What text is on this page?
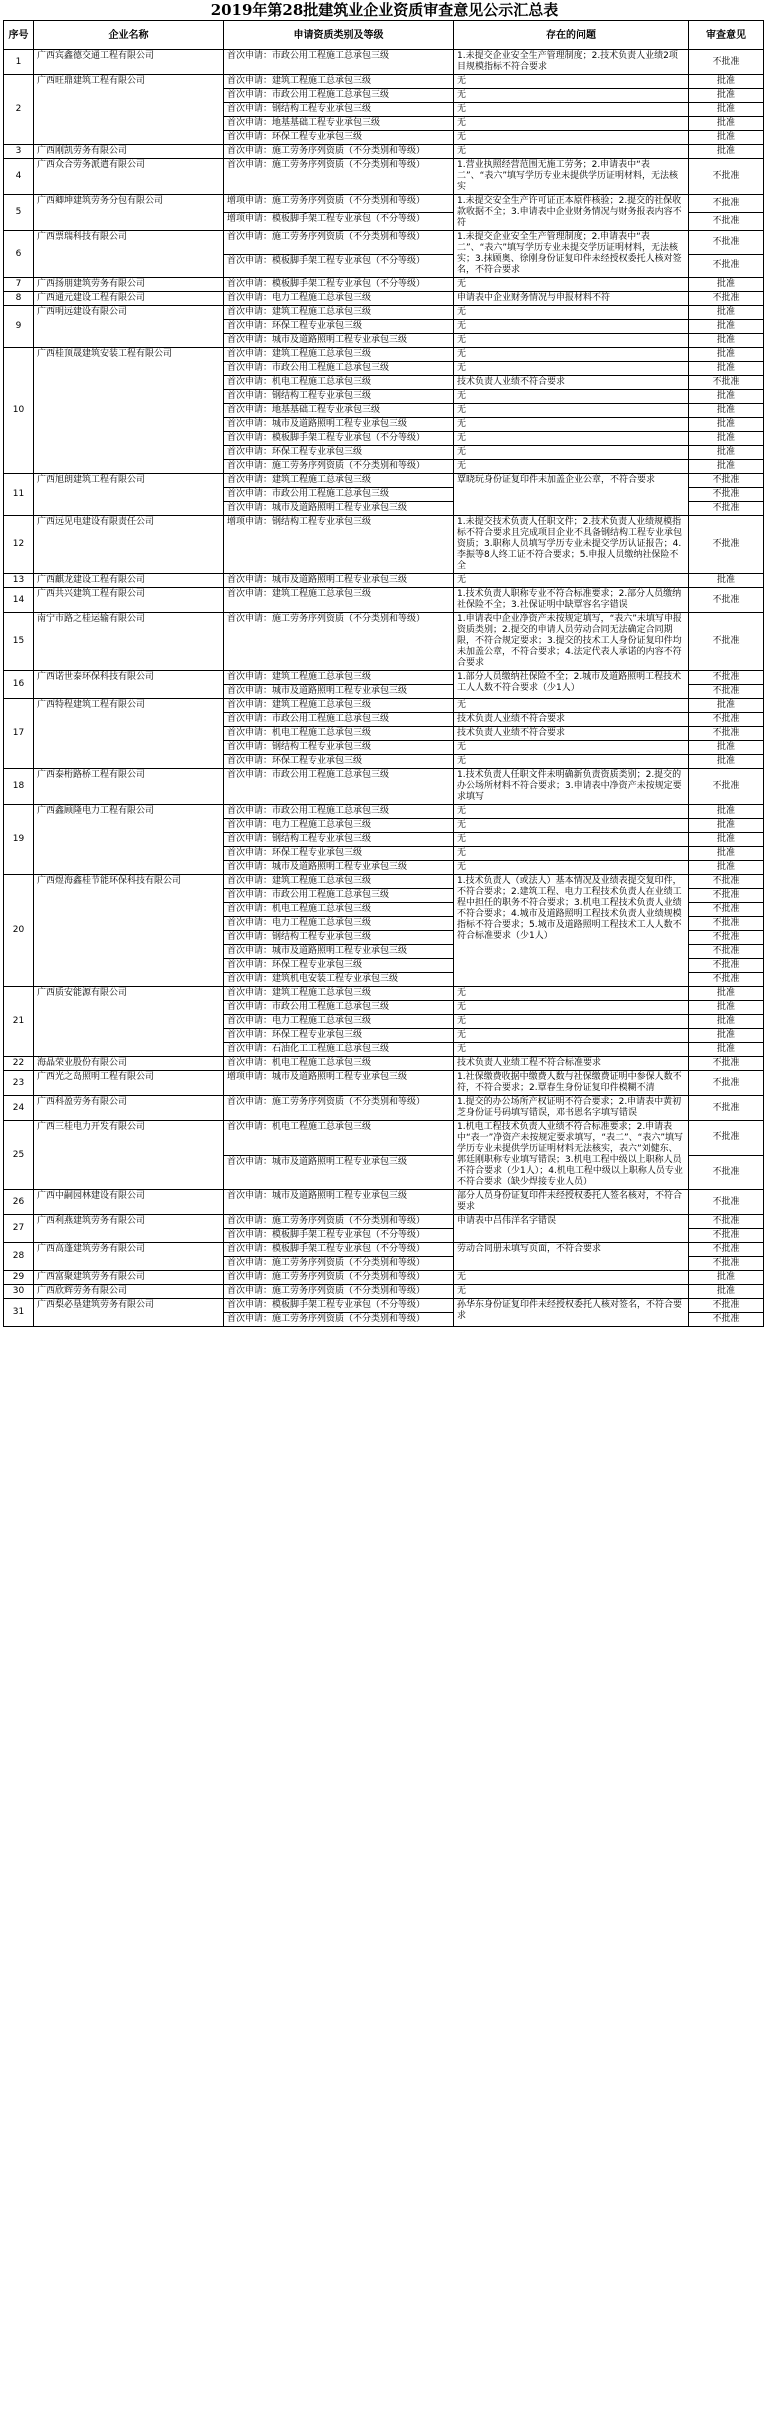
2019年第28批建筑业企业资质审查意见公示汇总表
序号	企业名称	申请资质类别及等级	存在的问题	审查意见
1	广西宾鑫德交通工程有限公司	首次申请：市政公用工程施工总承包三级	1.未提交企业安全生产管理制度；2.技术负责人业绩2项目规模指标不符合要求	不批准
2	广西旺鼎建筑工程有限公司	首次申请：建筑工程施工总承包三级	无	批准
		首次申请：市政公用工程施工总承包三级	无	批准
		首次申请：钢结构工程专业承包三级	无	批准
		首次申请：地基基础工程专业承包三级	无	批准
		首次申请：环保工程专业承包三级	无	批准
3	广西刚凯劳务有限公司	首次申请：施工劳务序列资质（不分类别和等级）	无	批准
4	广西众合劳务派遣有限公司	首次申请：施工劳务序列资质（不分类别和等级）	1.营业执照经营范围无施工劳务；2.申请表中“表二”、“表六”填写学历专业未提供学历证明材料，无法核实	不批准
5	广西卿坤建筑劳务分包有限公司	增项申请：施工劳务序列资质（不分类别和等级）	1.未提交安全生产许可证正本原件核验；2.提交的社保收款收据不全；3.申请表中企业财务情况与财务报表内容不符	不批准
		增项申请：模板脚手架工程专业承包（不分等级）		不批准
6	广西票瑞科技有限公司	首次申请：施工劳务序列资质（不分类别和等级）	1.未提交企业安全生产管理制度；2.申请表中“表二”、“表六”填写学历专业未提交学历证明材料，无法核实；3.抹顾奥、徐刚身份证复印件未经授权委托人核对签名，不符合要求	不批准
		首次申请：模板脚手架工程专业承包（不分等级）		不批准
7	广西扬朋建筑劳务有限公司	首次申请：模板脚手架工程专业承包（不分等级）	无	批准
8	广西通元建设工程有限公司	首次申请：电力工程施工总承包三级	申请表中企业财务情况与申报材料不符	不批准
9	广西明远建设有限公司	首次申请：建筑工程施工总承包三级	无	批准
		首次申请：环保工程专业承包三级	无	批准
		首次申请：城市及道路照明工程专业承包三级	无	批准
10	广西桂顶晟建筑安装工程有限公司	首次申请：建筑工程施工总承包三级	无	批准
		首次申请：市政公用工程施工总承包三级	无	批准
		首次申请：机电工程施工总承包三级	技术负责人业绩不符合要求	不批准
		首次申请：钢结构工程专业承包三级	无	批准
		首次申请：地基基础工程专业承包三级	无	批准
		首次申请：城市及道路照明工程专业承包三级	无	批准
		首次申请：模板脚手架工程专业承包（不分等级）	无	批准
		首次申请：环保工程专业承包三级	无	批准
		首次申请：施工劳务序列资质（不分类别和等级）	无	批准
11	广西旭朗建筑工程有限公司	首次申请：建筑工程施工总承包三级	覃晓玩身份证复印件未加盖企业公章，不符合要求	不批准
		首次申请：市政公用工程施工总承包三级		不批准
		首次申请：城市及道路照明工程专业承包三级		不批准
12	广西远见电建设有限责任公司	增项申请：钢结构工程专业承包三级	1.未提交技术负责人任职文件；2.技术负责人业绩规模指标不符合要求且完成项目企业不具备钢结构工程专业承包资质；3.职称人员填写学历专业未提交学历认证报告；4.李振等8人终工证不符合要求；5.申报人员缴纳社保险不全	不批准
13	广西麒龙建设工程有限公司	首次申请：城市及道路照明工程专业承包三级	无	批准
14	广西共兴建筑工程有限公司	首次申请：建筑工程施工总承包三级	1.技术负责人职称专业不符合标准要求；2.部分人员缴纳社保险不全；3.社保证明中缺覃容名字错误	不批准
15	南宁市路之桂运输有限公司	首次申请：施工劳务序列资质（不分类别和等级）	1.申请表中企业净资产未按规定填写，“表六”未填写申报资质类别；2.提交的申请人员劳动合同无法确定合同期限，不符合规定要求；3.提交的技术工人身份证复印件均未加盖公章，不符合要求；4.法定代表人承诺的内容不符合要求	不批准
16	广西诺世泰环保科技有限公司	首次申请：建筑工程施工总承包三级	1.部分人员缴纳社保险不全；2.城市及道路照明工程技术工人人数不符合要求（少1人）	不批准
		首次申请：城市及道路照明工程专业承包三级		不批准
17	广西特程建筑工程有限公司	首次申请：建筑工程施工总承包三级	无	批准
		首次申请：市政公用工程施工总承包三级	技术负责人业绩不符合要求	不批准
		首次申请：机电工程施工总承包三级	技术负责人业绩不符合要求	不批准
		首次申请：钢结构工程专业承包三级	无	批准
		首次申请：环保工程专业承包三级	无	批准
18	广西泰桁路桥工程有限公司	首次申请：市政公用工程施工总承包三级	1.技术负责人任职文件未明确新负责资质类别；2.提交的办公场所材料不符合要求；3.申请表中净资产未按规定要求填写	不批准
19	广西鑫顾隆电力工程有限公司	首次申请：市政公用工程施工总承包三级	无	批准
		首次申请：电力工程施工总承包三级	无	批准
		首次申请：钢结构工程专业承包三级	无	批准
		首次申请：环保工程专业承包三级	无	批准
		首次申请：城市及道路照明工程专业承包三级	无	批准
20	广西煜海鑫桂节能环保科技有限公司	首次申请：建筑工程施工总承包三级	1.技术负责人（或法人）基本情况及业绩表提交复印件，不符合要求；2.建筑工程、电力工程技术负责人在业绩工程中担任的职务不符合要求；3.机电工程技术负责人业绩不符合要求；4.城市及道路照明工程技术负责人业绩规模指标不符合要求；5.城市及道路照明工程技术工人人数不符合标准要求（少1人）	不批准
		首次申请：市政公用工程施工总承包三级		不批准
		首次申请：机电工程施工总承包三级		不批准
		首次申请：电力工程施工总承包三级		不批准
		首次申请：钢结构工程专业承包三级		不批准
		首次申请：城市及道路照明工程专业承包三级		不批准
		首次申请：环保工程专业承包三级		不批准
		首次申请：建筑机电安装工程专业承包三级		不批准
21	广西质安能源有限公司	首次申请：建筑工程施工总承包三级	无	批准
		首次申请：市政公用工程施工总承包三级	无	批准
		首次申请：电力工程施工总承包三级	无	批准
		首次申请：环保工程专业承包三级	无	批准
		首次申请：石油化工工程施工总承包三级	无	批准
22	海晶荣业股份有限公司	首次申请：机电工程施工总承包三级	技术负责人业绩工程不符合标准要求	不批准
23	广西光之岛照明工程有限公司	增项申请：城市及道路照明工程专业承包三级	1.社保缴费收据中缴费人数与社保缴费证明中参保人数不符，不符合要求；2.覃春生身份证复印件模糊不清	不批准
24	广西科盈劳务有限公司	首次申请：施工劳务序列资质（不分类别和等级）	1.提交的办公场所产权证明不符合要求；2.申请表中黄初芝身份证号码填写错误，邓书恩名字填写错误	不批准
25	广西三桂电力开发有限公司	首次申请：机电工程施工总承包三级	1.机电工程技术负责人业绩不符合标准要求；2.申请表中“表一”净资产未按规定要求填写，“表二”、“表六”填写学历专业未提供学历证明材料无法核实，表六”刘健东、郭廷刚职称专业填写错误；3.机电工程中级以上职称人员不符合要求（少1人）；4.机电工程中级以上职称人员专业不符合要求（缺少焊接专业人员）	不批准
		首次申请：城市及道路照明工程专业承包三级		不批准
26	广西中嗣园林建设有限公司	首次申请：城市及道路照明工程专业承包三级	部分人员身份证复印件未经授权委托人签名核对，不符合要求	不批准
27	广西利燕建筑劳务有限公司	首次申请：施工劳务序列资质（不分类别和等级）	申请表中吕伟洋名字错误	不批准
		首次申请：模板脚手架工程专业承包（不分等级）		不批准
28	广西高蓬建筑劳务有限公司	首次申请：模板脚手架工程专业承包（不分等级）	劳动合同册未填写页面，不符合要求	不批准
		首次申请：施工劳务序列资质（不分类别和等级）		不批准
29	广西富聚建筑劳务有限公司	首次申请：施工劳务序列资质（不分类别和等级）	无	批准
30	广西欣辉劳务有限公司	首次申请：施工劳务序列资质（不分类别和等级）	无	批准
31	广西梨必垦建筑劳务有限公司	首次申请：模板脚手架工程专业承包（不分等级）	孙华东身份证复印件未经授权委托人核对签名，不符合要求	不批准
		首次申请：施工劳务序列资质（不分类别和等级）		不批准
